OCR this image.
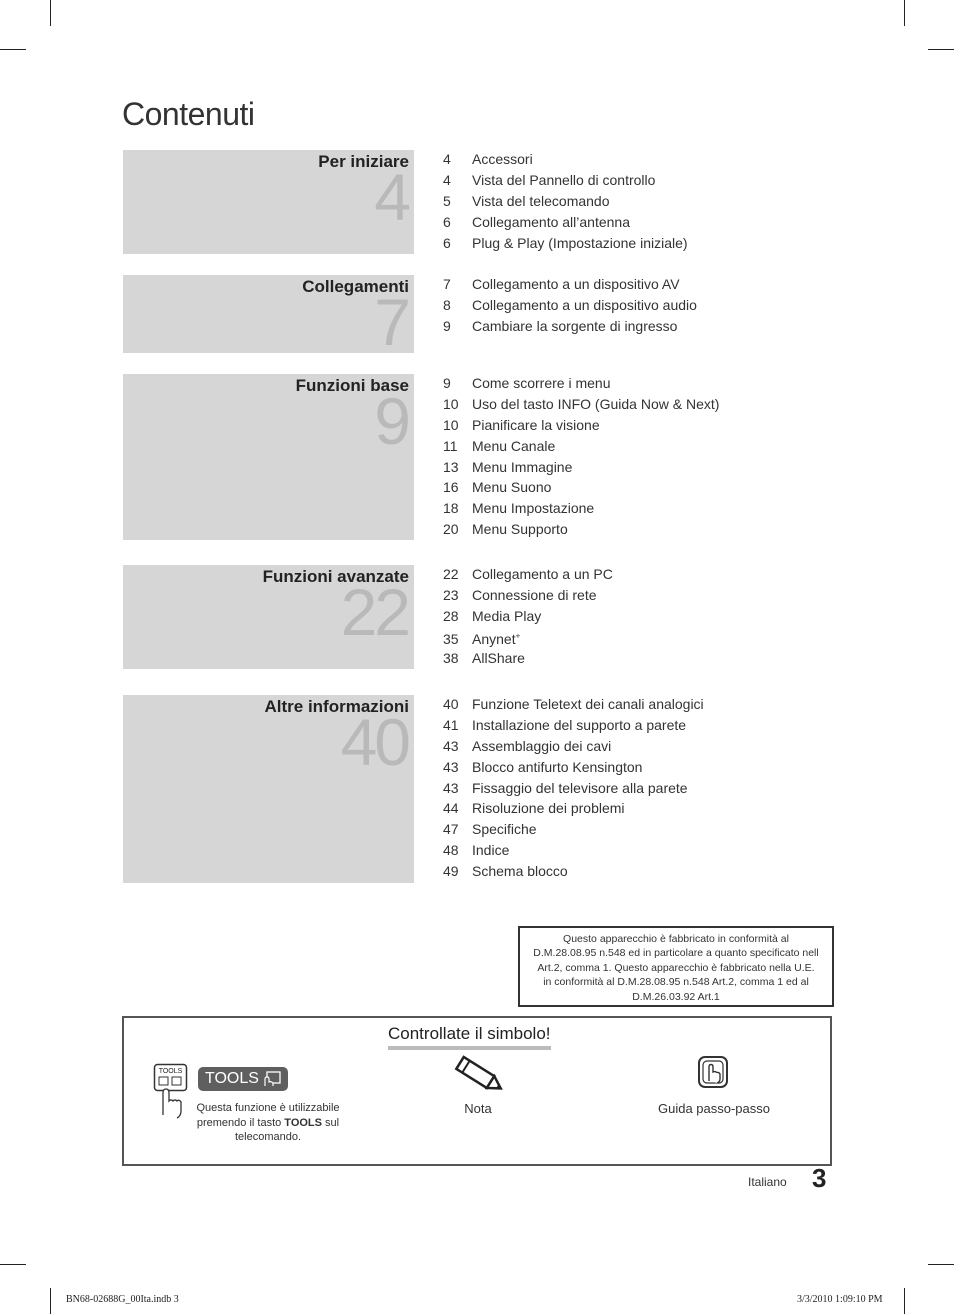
Contenuti
Per iniziare
4
4 Accessori
4 Vista del Pannello di controllo
5 Vista del telecomando
6 Collegamento all’antenna
6 Plug & Play (Impostazione iniziale)
Collegamenti
7
7 Collegamento a un dispositivo AV
8 Collegamento a un dispositivo audio
9 Cambiare la sorgente di ingresso
Funzioni base
9
9 Come scorrere i menu
10 Uso del tasto INFO (Guida Now & Next)
10 Pianificare la visione
11 Menu Canale
13 Menu Immagine
16 Menu Suono
18 Menu Impostazione
20 Menu Supporto
Funzioni avanzate
22
22 Collegamento a un PC
23 Connessione di rete
28 Media Play
35 Anynet+
38 AllShare
Altre informazioni
40
40 Funzione Teletext dei canali analogici
41 Installazione del supporto a parete
43 Assemblaggio dei cavi
43 Blocco antifurto Kensington
43 Fissaggio del televisore alla parete
44 Risoluzione dei problemi
47 Specifiche
48 Indice
49 Schema blocco
Questo apparecchio è fabbricato in conformità al
D.M.28.08.95 n.548 ed in particolare a quanto specificato nell
Art.2, comma 1. Questo apparecchio è fabbricato nella U.E.
in conformità al D.M.28.08.95 n.548 Art.2, comma 1 ed al
D.M.26.03.92 Art.1
Controllate il simbolo!
TOOLS	TOOLS
Questa funzione è utilizzabile premendo il tasto TOOLS sul telecomando.
Nota	Guida passo-passo
Italiano 3
BN68-02688G_00Ita.indb 3	3/3/2010 1:09:10 PM
